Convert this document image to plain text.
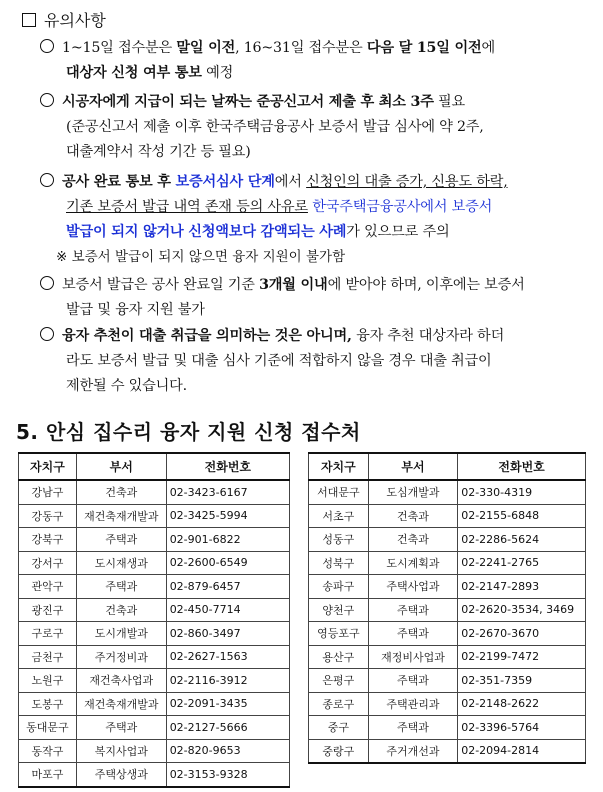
유의사항
1~15일 접수분은 말일 이전, 16~31일 접수분은 다음 달 15일 이전에
대상자 신청 여부 통보 예정
시공자에게 지급이 되는 날짜는 준공신고서 제출 후 최소 3주 필요
(준공신고서 제출 이후 한국주택금융공사 보증서 발급 심사에 약 2주,
대출계약서 작성 기간 등 필요)
공사 완료 통보 후 보증서심사 단계에서 신청인의 대출 증가, 신용도 하락,
기존 보증서 발급 내역 존재 등의 사유로 한국주택금융공사에서 보증서
발급이 되지 않거나 신청액보다 감액되는 사례가 있으므로 주의
※ 보증서 발급이 되지 않으면 융자 지원이 불가함
보증서 발급은 공사 완료일 기준 3개월 이내에 받아야 하며, 이후에는 보증서
발급 및 융자 지원 불가
융자 추천이 대출 취급을 의미하는 것은 아니며, 융자 추천 대상자라 하더
라도 보증서 발급 및 대출 심사 기준에 적합하지 않을 경우 대출 취급이
제한될 수 있습니다.
5. 안심 집수리 융자 지원 신청 접수처
자치구	부서	전화번호
강남구	건축과	02-3423-6167
강동구	재건축재개발과	02-3425-5994
강북구	주택과	02-901-6822
강서구	도시재생과	02-2600-6549
관악구	주택과	02-879-6457
광진구	건축과	02-450-7714
구로구	도시개발과	02-860-3497
금천구	주거정비과	02-2627-1563
노원구	재건축사업과	02-2116-3912
도봉구	재건축재개발과	02-2091-3435
동대문구	주택과	02-2127-5666
동작구	복지사업과	02-820-9653
마포구	주택상생과	02-3153-9328
자치구	부서	전화번호
서대문구	도심개발과	02-330-4319
서초구	건축과	02-2155-6848
성동구	건축과	02-2286-5624
성북구	도시계획과	02-2241-2765
송파구	주택사업과	02-2147-2893
양천구	주택과	02-2620-3534, 3469
영등포구	주택과	02-2670-3670
용산구	재정비사업과	02-2199-7472
은평구	주택과	02-351-7359
종로구	주택관리과	02-2148-2622
중구	주택과	02-3396-5764
중랑구	주거개선과	02-2094-2814
